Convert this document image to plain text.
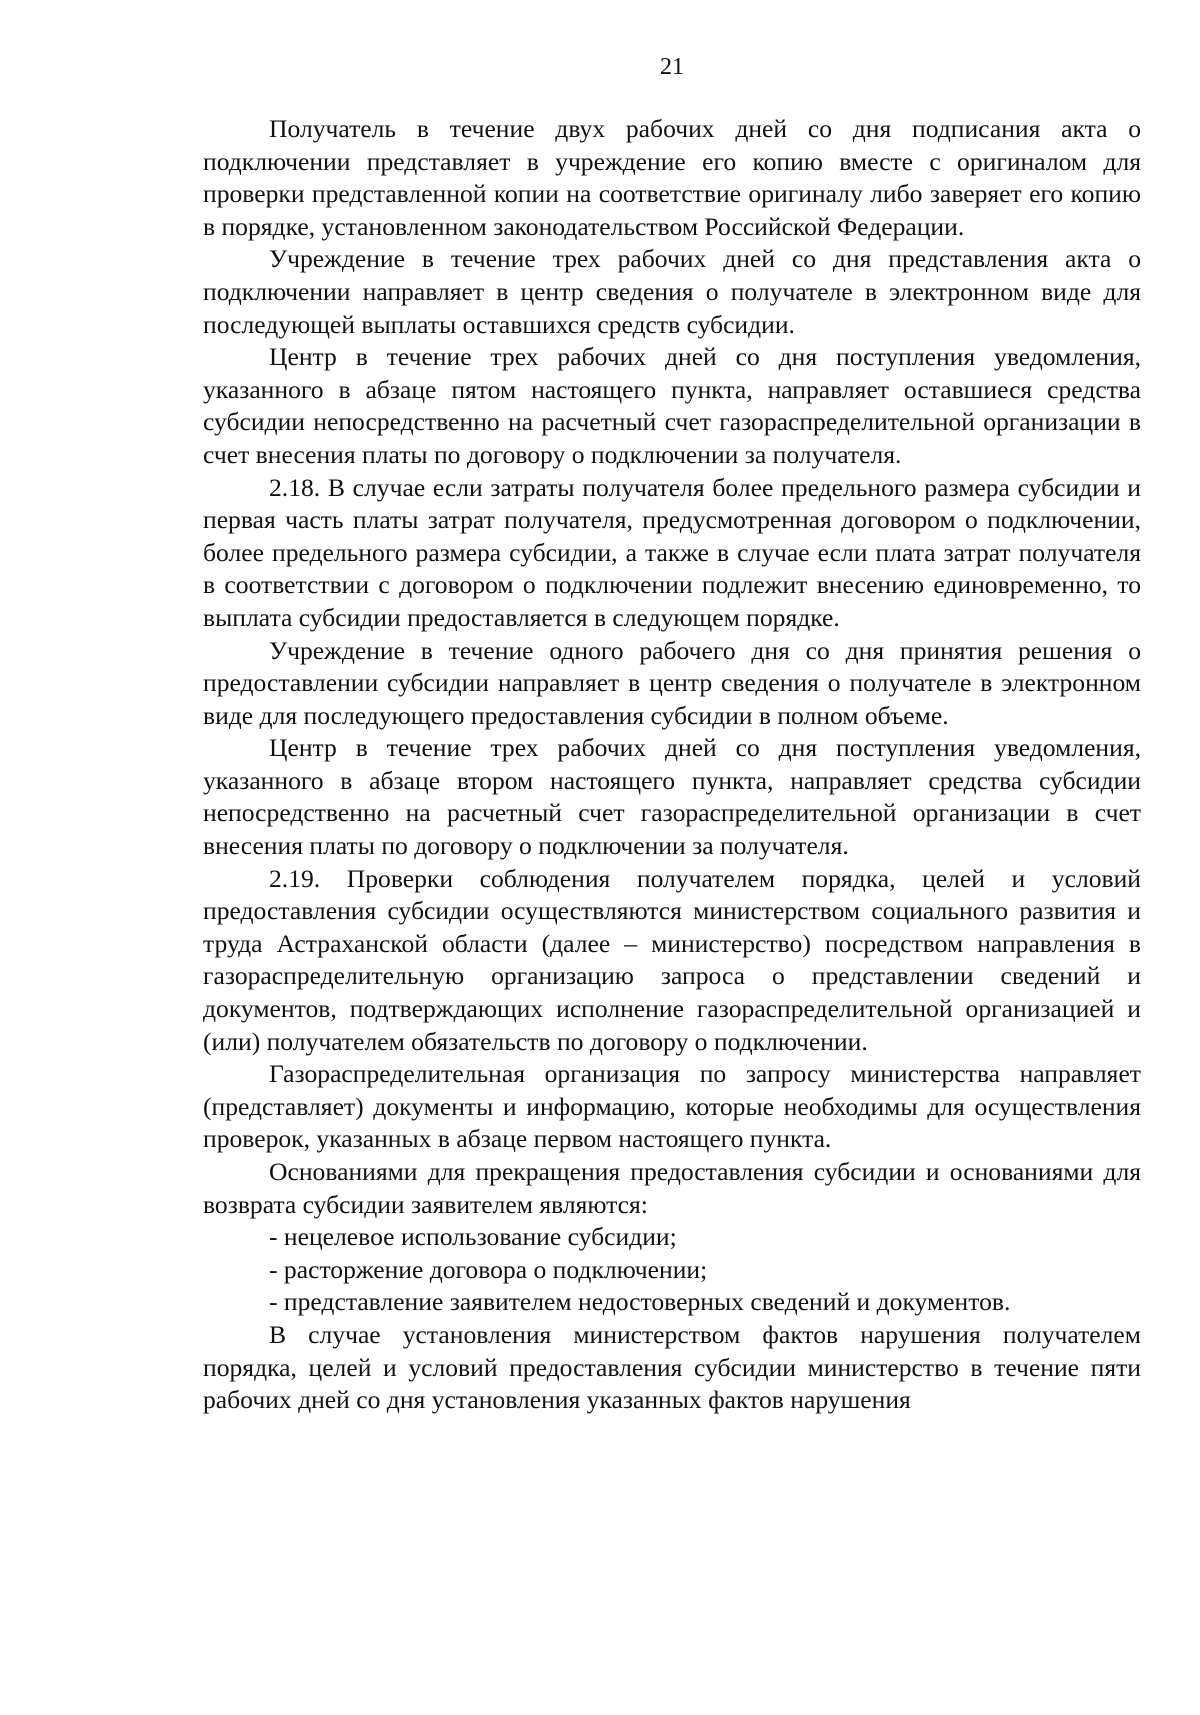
21

Получатель в течение двух рабочих дней со дня подписания акта о подключении представляет в учреждение его копию вместе с оригиналом для проверки представленной копии на соответствие оригиналу либо заверяет его копию в порядке, установленном законодательством Российской Федерации.

Учреждение в течение трех рабочих дней со дня представления акта о подключении направляет в центр сведения о получателе в электронном виде для последующей выплаты оставшихся средств субсидии.

Центр в течение трех рабочих дней со дня поступления уведомления, указанного в абзаце пятом настоящего пункта, направляет оставшиеся средства субсидии непосредственно на расчетный счет газораспределительной организации в счет внесения платы по договору о подключении за получателя.

2.18. В случае если затраты получателя более предельного размера субсидии и первая часть платы затрат получателя, предусмотренная договором о подключении, более предельного размера субсидии, а также в случае если плата затрат получателя в соответствии с договором о подключении подлежит внесению единовременно, то выплата субсидии предоставляется в следующем порядке.

Учреждение в течение одного рабочего дня со дня принятия решения о предоставлении субсидии направляет в центр сведения о получателе в электронном виде для последующего предоставления субсидии в полном объеме.

Центр в течение трех рабочих дней со дня поступления уведомления, указанного в абзаце втором настоящего пункта, направляет средства субсидии непосредственно на расчетный счет газораспределительной организации в счет внесения платы по договору о подключении за получателя.

2.19. Проверки соблюдения получателем порядка, целей и условий предоставления субсидии осуществляются министерством социального развития и труда Астраханской области (далее – министерство) посредством направления в газораспределительную организацию запроса о представлении сведений и документов, подтверждающих исполнение газораспределительной организацией и (или) получателем обязательств по договору о подключении.

Газораспределительная организация по запросу министерства направляет (представляет) документы и информацию, которые необходимы для осуществления проверок, указанных в абзаце первом настоящего пункта.

Основаниями для прекращения предоставления субсидии и основаниями для возврата субсидии заявителем являются:

- нецелевое использование субсидии;

- расторжение договора о подключении;

- представление заявителем недостоверных сведений и документов.

В случае установления министерством фактов нарушения получателем порядка, целей и условий предоставления субсидии министерство в течение пяти рабочих дней со дня установления указанных фактов нарушения
